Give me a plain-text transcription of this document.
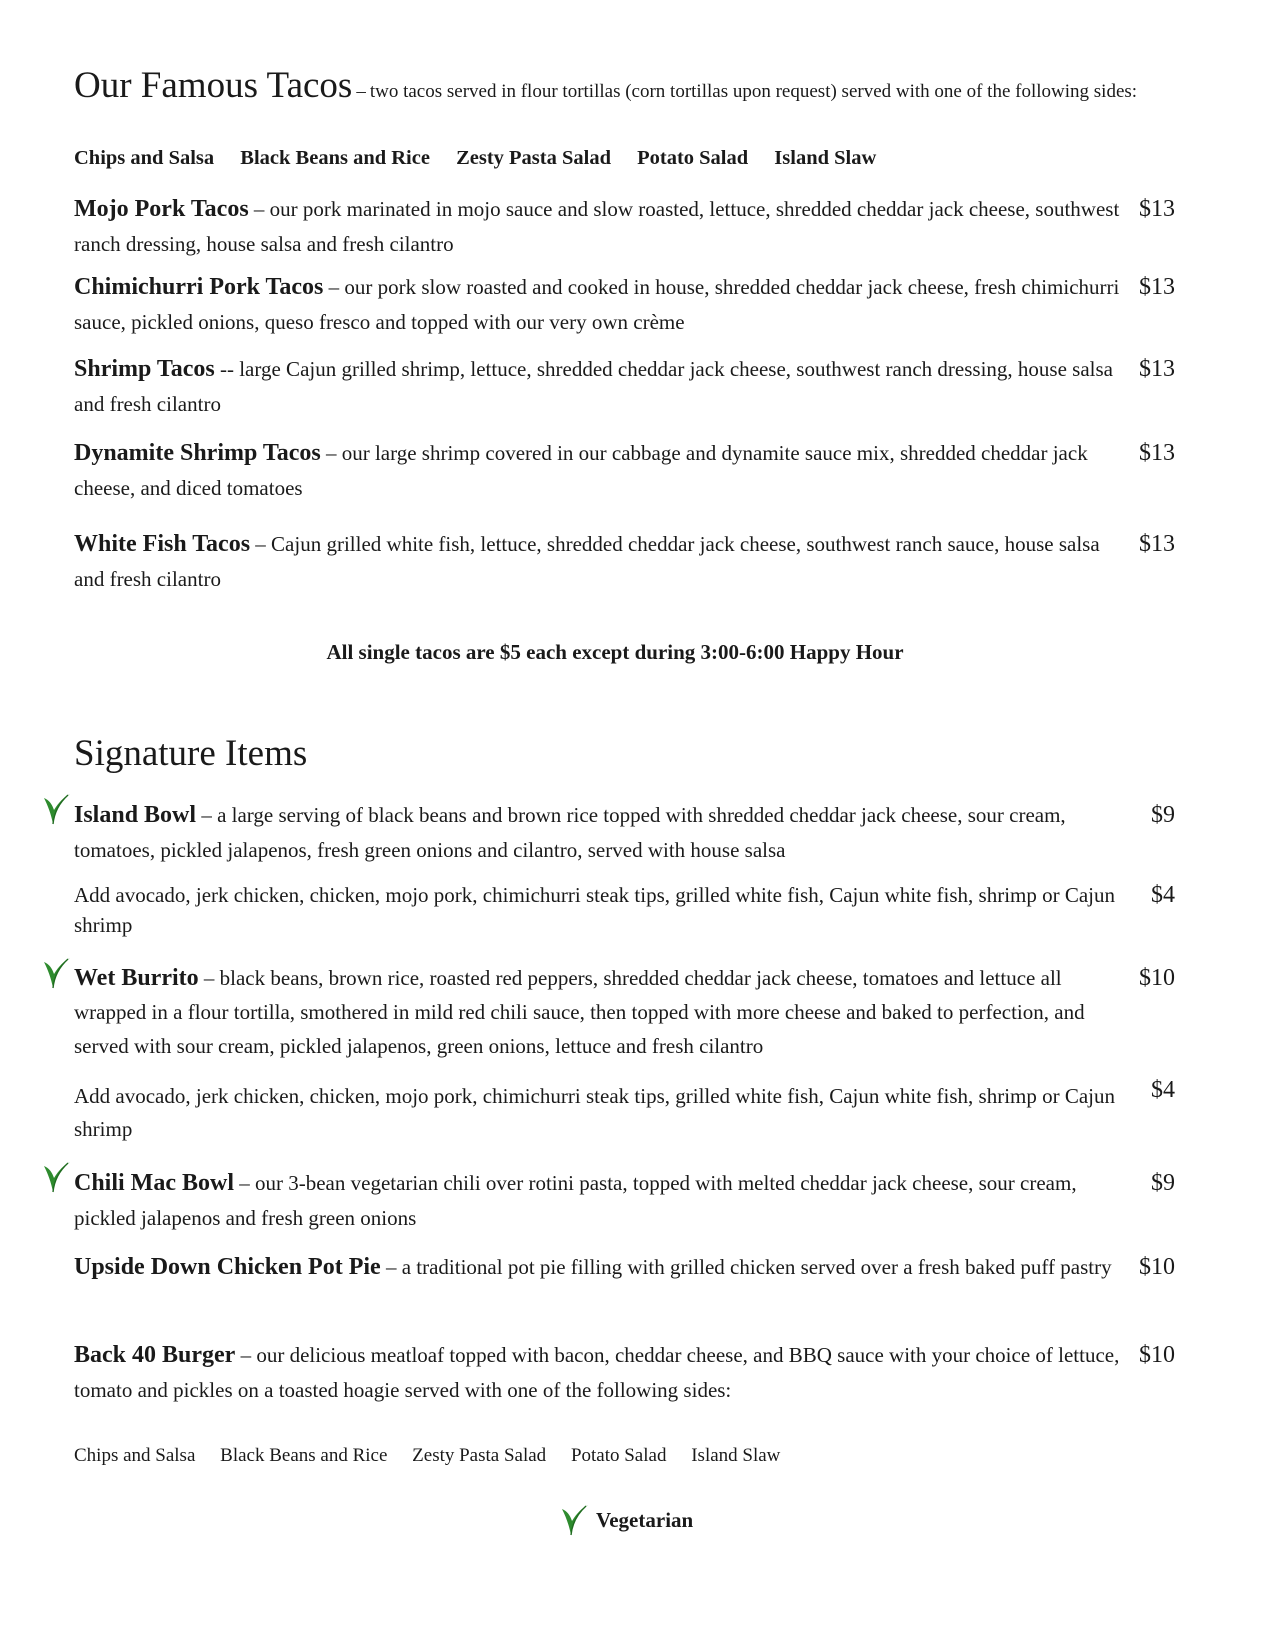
Our Famous Tacos – two tacos served in flour tortillas (corn tortillas upon request) served with one of the following sides:
Chips and Salsa Black Beans and Rice Zesty Pasta Salad Potato Salad Island Slaw
Mojo Pork Tacos – our pork marinated in mojo sauce and slow roasted, lettuce, shredded cheddar jack cheese, southwest ranch dressing, house salsa and fresh cilantro
$13
Chimichurri Pork Tacos – our pork slow roasted and cooked in house, shredded cheddar jack cheese, fresh chimichurri sauce, pickled onions, queso fresco and topped with our very own crème
$13
Shrimp Tacos -- large Cajun grilled shrimp, lettuce, shredded cheddar jack cheese, southwest ranch dressing, house salsa and fresh cilantro
$13
Dynamite Shrimp Tacos – our large shrimp covered in our cabbage and dynamite sauce mix, shredded cheddar jack cheese, and diced tomatoes
$13
White Fish Tacos – Cajun grilled white fish, lettuce, shredded cheddar jack cheese, southwest ranch sauce, house salsa and fresh cilantro
$13
All single tacos are $5 each except during 3:00-6:00 Happy Hour
Signature Items
Island Bowl – a large serving of black beans and brown rice topped with shredded cheddar jack cheese, sour cream, tomatoes, pickled jalapenos, fresh green onions and cilantro, served with house salsa
$9
Add avocado, jerk chicken, chicken, mojo pork, chimichurri steak tips, grilled white fish, Cajun white fish, shrimp or Cajun shrimp
$4
Wet Burrito – black beans, brown rice, roasted red peppers, shredded cheddar jack cheese, tomatoes and lettuce all wrapped in a flour tortilla, smothered in mild red chili sauce, then topped with more cheese and baked to perfection, and served with sour cream, pickled jalapenos, green onions, lettuce and fresh cilantro
$10
Add avocado, jerk chicken, chicken, mojo pork, chimichurri steak tips, grilled white fish, Cajun white fish, shrimp or Cajun shrimp
$4
Chili Mac Bowl – our 3-bean vegetarian chili over rotini pasta, topped with melted cheddar jack cheese, sour cream, pickled jalapenos and fresh green onions
$9
Upside Down Chicken Pot Pie – a traditional pot pie filling with grilled chicken served over a fresh baked puff pastry	$10
Back 40 Burger – our delicious meatloaf topped with bacon, cheddar cheese, and BBQ sauce with your choice of lettuce, tomato and pickles on a toasted hoagie served with one of the following sides:
$10
Chips and Salsa Black Beans and Rice Zesty Pasta Salad Potato Salad Island Slaw
Vegetarian
